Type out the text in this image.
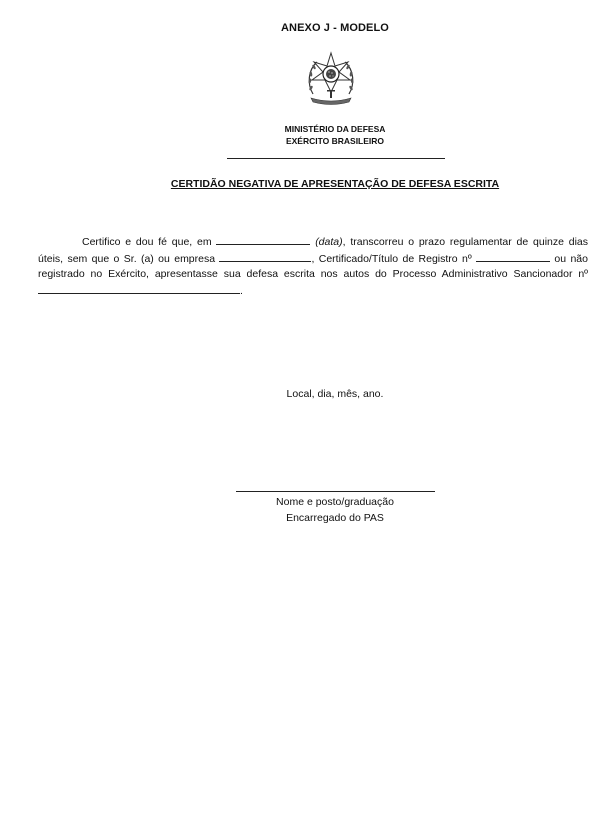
ANEXO J - MODELO
MINISTÉRIO DA DEFESA
EXÉRCITO BRASILEIRO
CERTIDÃO NEGATIVA DE APRESENTAÇÃO DE DEFESA ESCRITA
Certifico e dou fé que, em	(data), transcorreu o prazo regulamentar de quinze dias úteis, sem que o Sr. (a) ou empresa	, Certificado/Título de Registro nº	ou não registrado no Exército, apresentasse sua defesa escrita nos autos do Processo Administrativo Sancionador nº .
Local, dia, mês, ano.
Nome e posto/graduação
Encarregado do PAS
